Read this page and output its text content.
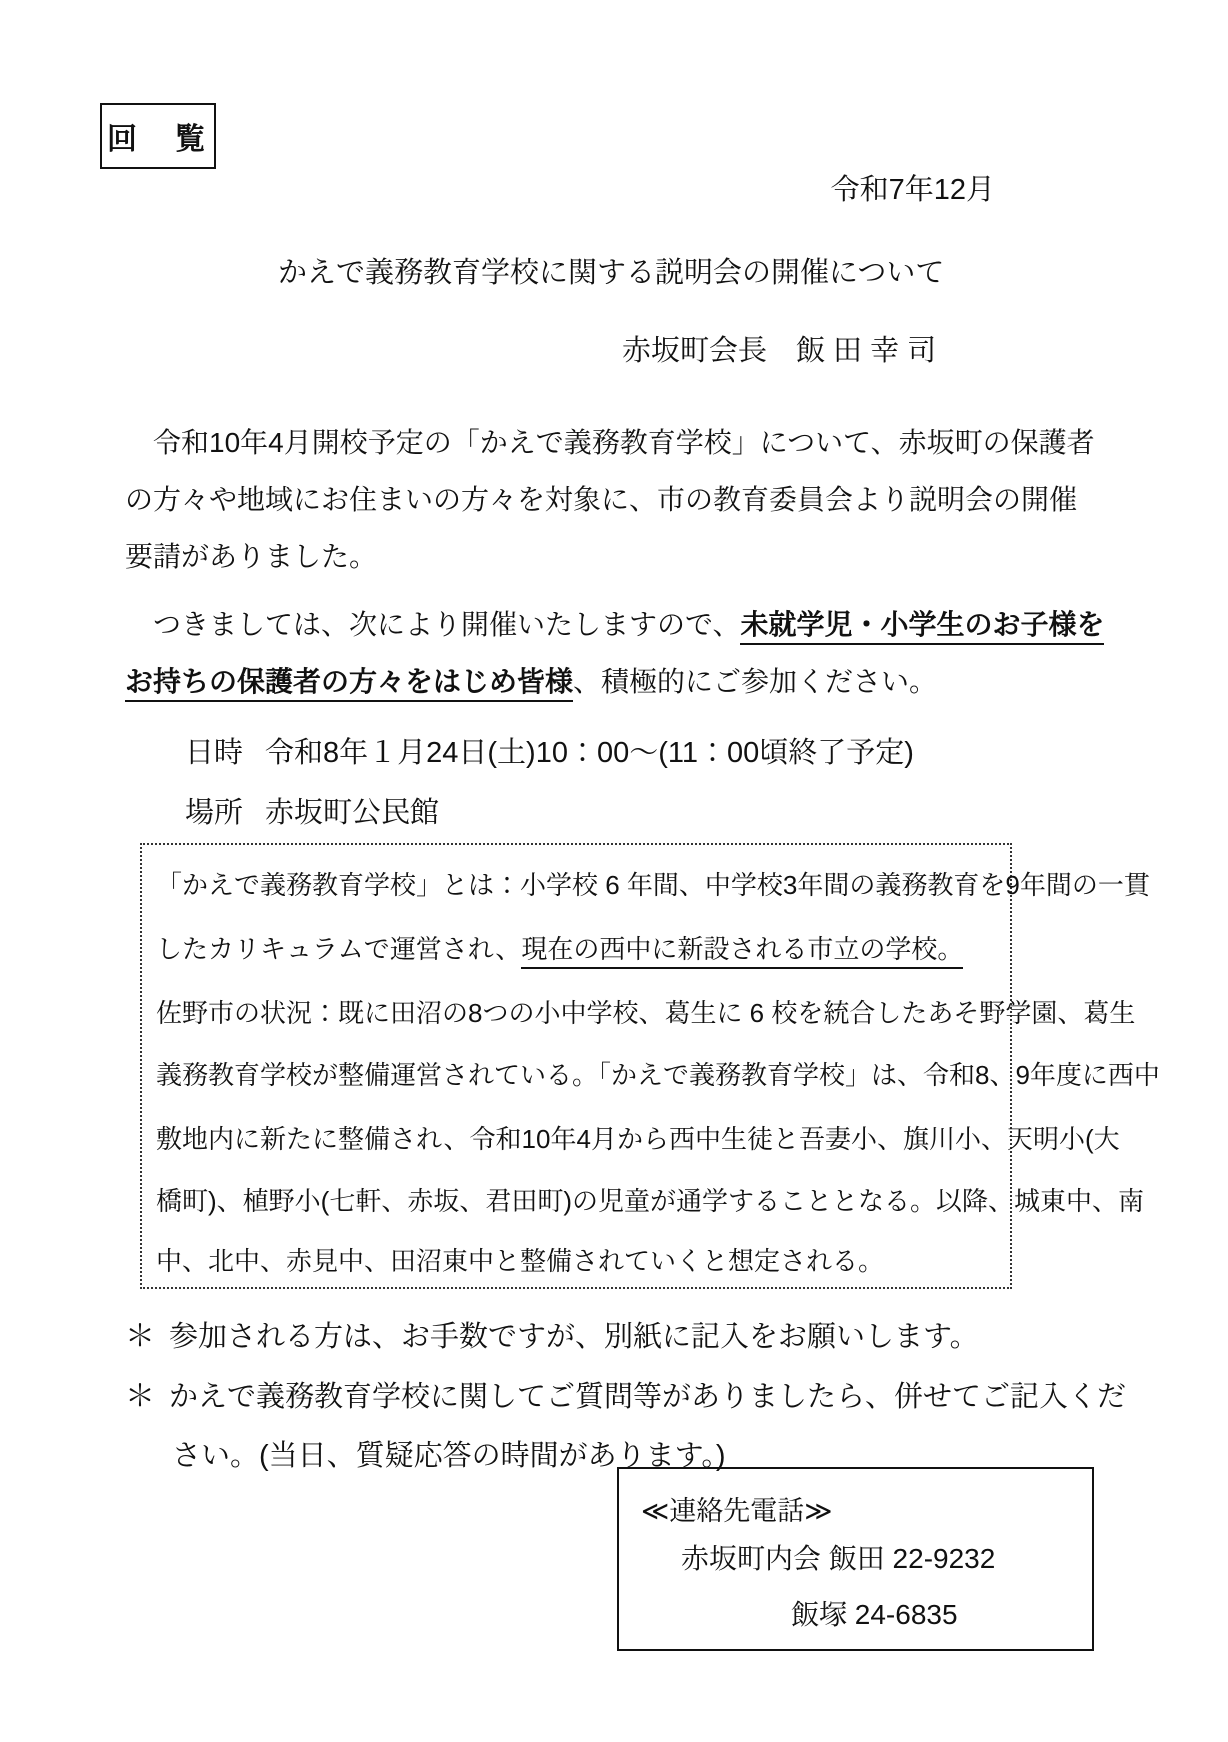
回　覧
令和7年12月
かえで義務教育学校に関する説明会の開催について
赤坂町会長　飯 田 幸 司
　令和10年4月開校予定の「かえで義務教育学校」について、赤坂町の保護者
の方々や地域にお住まいの方々を対象に、市の教育委員会より説明会の開催
要請がありました。
　つきましては、次により開催いたしますので、未就学児・小学生のお子様を
お持ちの保護者の方々をはじめ皆様、積極的にご参加ください。
日時 令和8年１月24日(土)10：00～(11：00頃終了予定)
場所 赤坂町公民館
「かえで義務教育学校」とは：小学校 6 年間、中学校3年間の義務教育を9年間の一貫
したカリキュラムで運営され、現在の西中に新設される市立の学校。
佐野市の状況：既に田沼の8つの小中学校、葛生に 6 校を統合したあそ野学園、葛生
義務教育学校が整備運営されている。「かえで義務教育学校」は、令和8、9年度に西中
敷地内に新たに整備され、令和10年4月から西中生徒と吾妻小、旗川小、天明小(大
橋町)、植野小(七軒、赤坂、君田町)の児童が通学することとなる。以降、城東中、南
中、北中、赤見中、田沼東中と整備されていくと想定される。
＊ 参加される方は、お手数ですが、別紙に記入をお願いします。
＊ かえで義務教育学校に関してご質問等がありましたら、併せてご記入くだ
さい。(当日、質疑応答の時間があります。)
≪連絡先電話≫
赤坂町内会 飯田 22-9232
飯塚 24-6835
